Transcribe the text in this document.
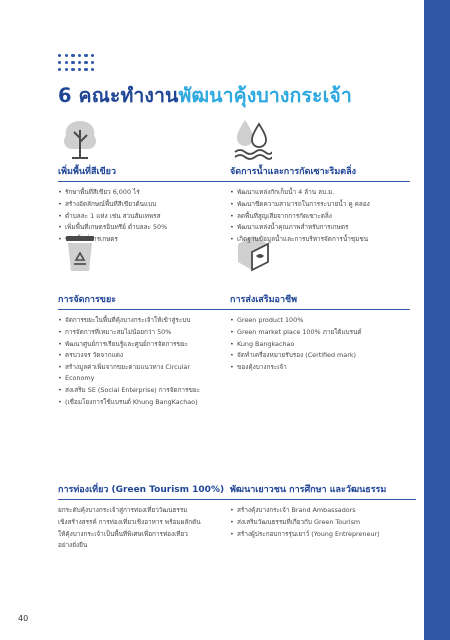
6 คณะทำงานพัฒนาคุ้งบางกระเจ้า
เพิ่มพื้นที่สีเขียว
• รักษาพื้นที่สีเขียว 6,000 ไร่
• สร้างอัตลักษณ์พื้นที่สีเขียวต้นแบบ
• ตำบลละ 1 แห่ง เช่น สวนส้มเทพรส
• เพิ่มพื้นที่เกษตรอินทรีย์ ตำบลละ 50%
• ของพื้นที่การเกษตร
จัดการน้ำและการกัดเซาะริมตลิ่ง
• พัฒนาแหล่งกักเก็บน้ำ 4 ล้าน ลบ.ม.
• พัฒนาขีดความสามารถในการระบายน้ำ คู คลอง
• ลดพื้นที่สูญเสียจากการกัดเซาะตลิ่ง
• พัฒนาแหล่งน้ำคุณภาพสำหรับการเกษตร
• เกิดฐานข้อมูลน้ำและการบริหารจัดการน้ำชุมชน
การจัดการขยะ
• จัดการขยะในพื้นที่คุ้งบางกระเจ้าให้เข้าสู่ระบบ
• การจัดการที่เหมาะสมไม่น้อยกว่า 50%
• พัฒนาศูนย์การเรียนรู้และศูนย์การจัดการขยะ
• ครบวงจร วัดจากแดง
• สร้างมูลค่าเพิ่มจากขยะตามแนวทาง Circular
• Economy
• ส่งเสริม SE (Social Enterprise) การจัดการขยะ
• (เชื่อมโยงการใช้แบรนด์ Khung BangKachao)
การส่งเสริมอาชีพ
• Green product 100%
• Green market place 100% ภายใต้แบรนด์
• Kung Bangkachao
• จัดทำเครื่องหมายรับรอง (Certified mark)
• ของคุ้งบางกระเจ้า
การท่องเที่ยว (Green Tourism 100%)
ยกระดับคุ้งบางกระเจ้าสู่การท่องเที่ยววัฒนธรรม
เชิงสร้างสรรค์ การท่องเที่ยวเชิงอาหาร พร้อมผลักดัน
ให้คุ้งบางกระเจ้าเป็นพื้นที่พิเศษเพื่อการท่องเที่ยว
อย่างยั่งยืน
พัฒนาเยาวชน การศึกษา และวัฒนธรรม
• สร้างคุ้งบางกระเจ้า Brand Ambassadors
• ส่งเสริมวัฒนธรรมที่เกี่ยวกับ Green Tourism
• สร้างผู้ประกอบการรุ่นเยาว์ (Young Entrepreneur)
40
